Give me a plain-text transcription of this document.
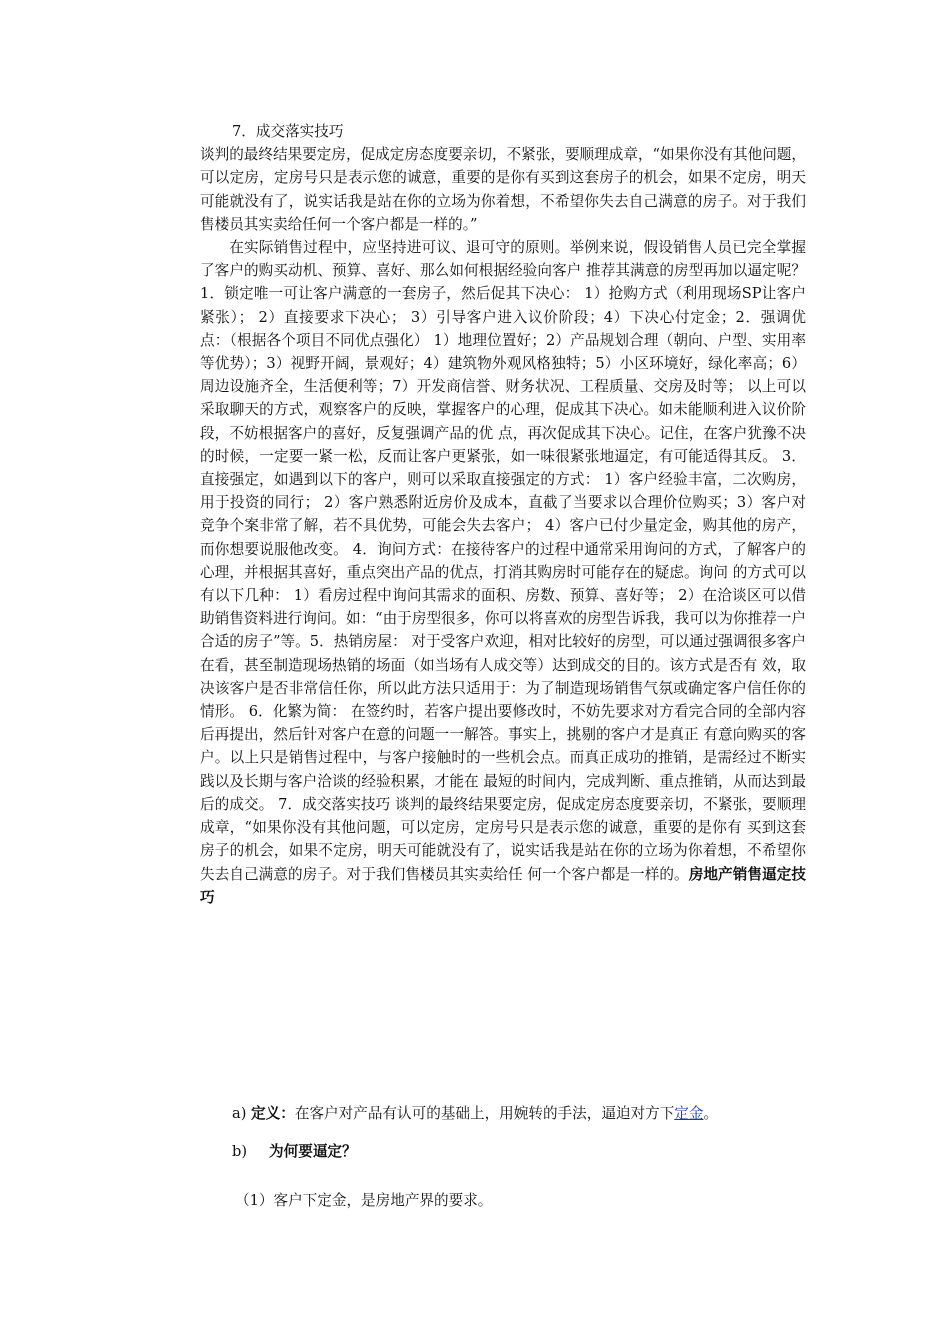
7．成交落实技巧
谈判的最终结果要定房，促成定房态度要亲切，不紧张，要顺理成章，“如果你没有其他问题，可以定房，定房号只是表示您的诚意，重要的是你有买到这套房子的机会，如果不定房，明天可能就没有了，说实话我是站在你的立场为你着想，不希望你失去自己满意的房子。对于我们售楼员其实卖给任何一个客户都是一样的。”
在实际销售过程中，应坚持进可议、退可守的原则。举例来说，假设销售人员已完全掌握了客户的购买动机、预算、喜好、那么如何根据经验向客户 推荐其满意的房型再加以逼定呢？ 1．锁定唯一可让客户满意的一套房子，然后促其下决心： 1）抢购方式（利用现场SP让客户紧张）； 2）直接要求下决心； 3）引导客户进入议价阶段；4）下决心付定金；2．强调优点：（根据各个项目不同优点强化） 1）地理位置好；2）产品规划合理（朝向、户型、实用率等优势）；3）视野开阔，景观好；4）建筑物外观风格独特；5）小区环境好，绿化率高；6）周边设施齐全，生活便利等；7）开发商信誉、财务状况、工程质量、交房及时等； 以上可以采取聊天的方式，观察客户的反映，掌握客户的心理，促成其下决心。如未能顺利进入议价阶段，不妨根据客户的喜好，反复强调产品的优 点，再次促成其下决心。记住，在客户犹豫不决的时候，一定要一紧一松，反而让客户更紧张，如一味很紧张地逼定，有可能适得其反。 3．直接强定，如遇到以下的客户，则可以采取直接强定的方式： 1）客户经验丰富，二次购房，用于投资的同行； 2）客户熟悉附近房价及成本，直截了当要求以合理价位购买；3）客户对竞争个案非常了解，若不具优势，可能会失去客户； 4）客户已付少量定金，购其他的房产，而你想要说服他改变。 4．询问方式：在接待客户的过程中通常采用询问的方式，了解客户的心理，并根据其喜好，重点突出产品的优点，打消其购房时可能存在的疑虑。询问 的方式可以有以下几种： 1）看房过程中询问其需求的面积、房数、预算、喜好等； 2）在洽谈区可以借助销售资料进行询问。如：“由于房型很多，你可以将喜欢的房型告诉我，我可以为你推荐一户合适的房子”等。5．热销房屋： 对于受客户欢迎，相对比较好的房型，可以通过强调很多客户在看，甚至制造现场热销的场面（如当场有人成交等）达到成交的目的。该方式是否有 效，取决该客户是否非常信任你，所以此方法只适用于：为了制造现场销售气氛或确定客户信任你的情形。 6．化繁为简： 在签约时，若客户提出要修改时，不妨先要求对方看完合同的全部内容后再提出，然后针对客户在意的问题一一解答。事实上，挑剔的客户才是真正 有意向购买的客户。以上只是销售过程中，与客户接触时的一些机会点。而真正成功的推销，是需经过不断实践以及长期与客户洽谈的经验积累，才能在 最短的时间内，完成判断、重点推销，从而达到最后的成交。 7．成交落实技巧 谈判的最终结果要定房，促成定房态度要亲切，不紧张，要顺理成章，“如果你没有其他问题，可以定房，定房号只是表示您的诚意，重要的是你有 买到这套房子的机会，如果不定房，明天可能就没有了，说实话我是站在你的立场为你着想，不希望你失去自己满意的房子。对于我们售楼员其实卖给任 何一个客户都是一样的。房地产销售逼定技巧
a) 定义：在客户对产品有认可的基础上，用婉转的手法，逼迫对方下定金。
b) 为何要逼定？
（1）客户下定金，是房地产界的要求。
